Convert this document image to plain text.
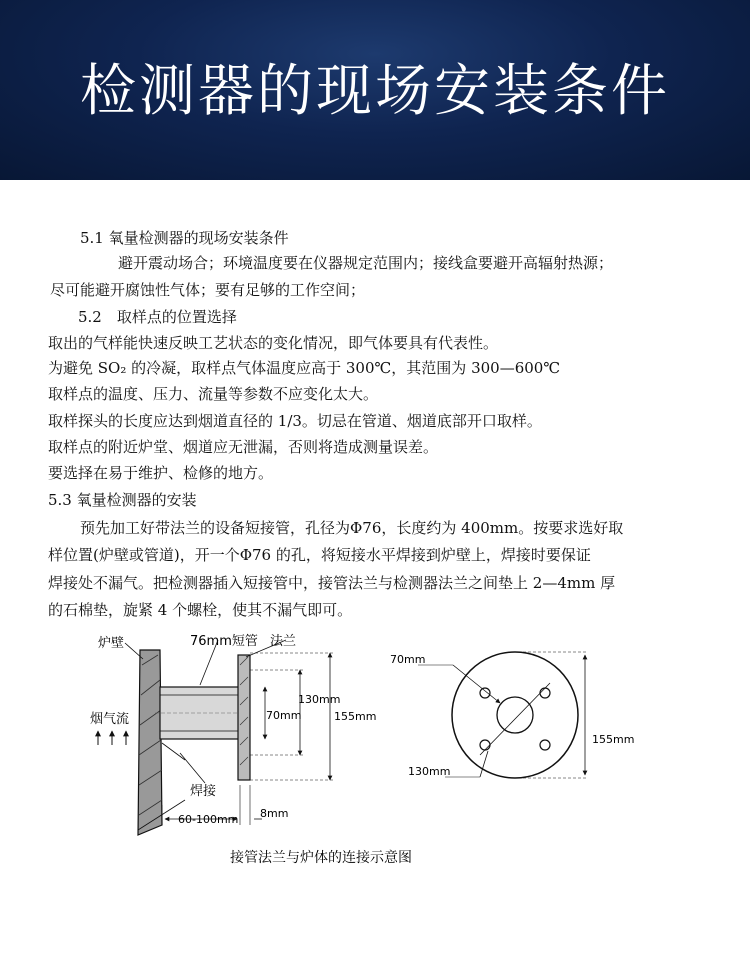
检测器的现场安装条件
5.1 氧量检测器的现场安装条件
避开震动场合；环境温度要在仪器规定范围内；接线盒要避开高辐射热源；
尽可能避开腐蚀性气体；要有足够的工作空间；
5.2　取样点的位置选择
取出的气样能快速反映工艺状态的变化情况，即气体要具有代表性。
为避免 SO₂ 的冷凝，取样点气体温度应高于 300℃，其范围为 300—600℃
取样点的温度、压力、流量等参数不应变化太大。
取样探头的长度应达到烟道直径的 1/3。切忌在管道、烟道底部开口取样。
取样点的附近炉堂、烟道应无泄漏，否则将造成测量误差。
要选择在易于维护、检修的地方。
5.3 氧量检测器的安装
预先加工好带法兰的设备短接管，孔径为Φ76，长度约为 400mm。按要求选好取
样位置(炉壁或管道)，开一个Φ76 的孔，将短接水平焊接到炉壁上，焊接时要保证
焊接处不漏气。把检测器插入短接管中，接管法兰与检测器法兰之间垫上 2—4mm 厚
的石棉垫，旋紧 4 个螺栓，使其不漏气即可。
炉壁	76mm短管 法兰
烟气流
焊接
130mm
70mm	155mm
60-100mm 8mm
70mm
130mm
155mm
接管法兰与炉体的连接示意图
